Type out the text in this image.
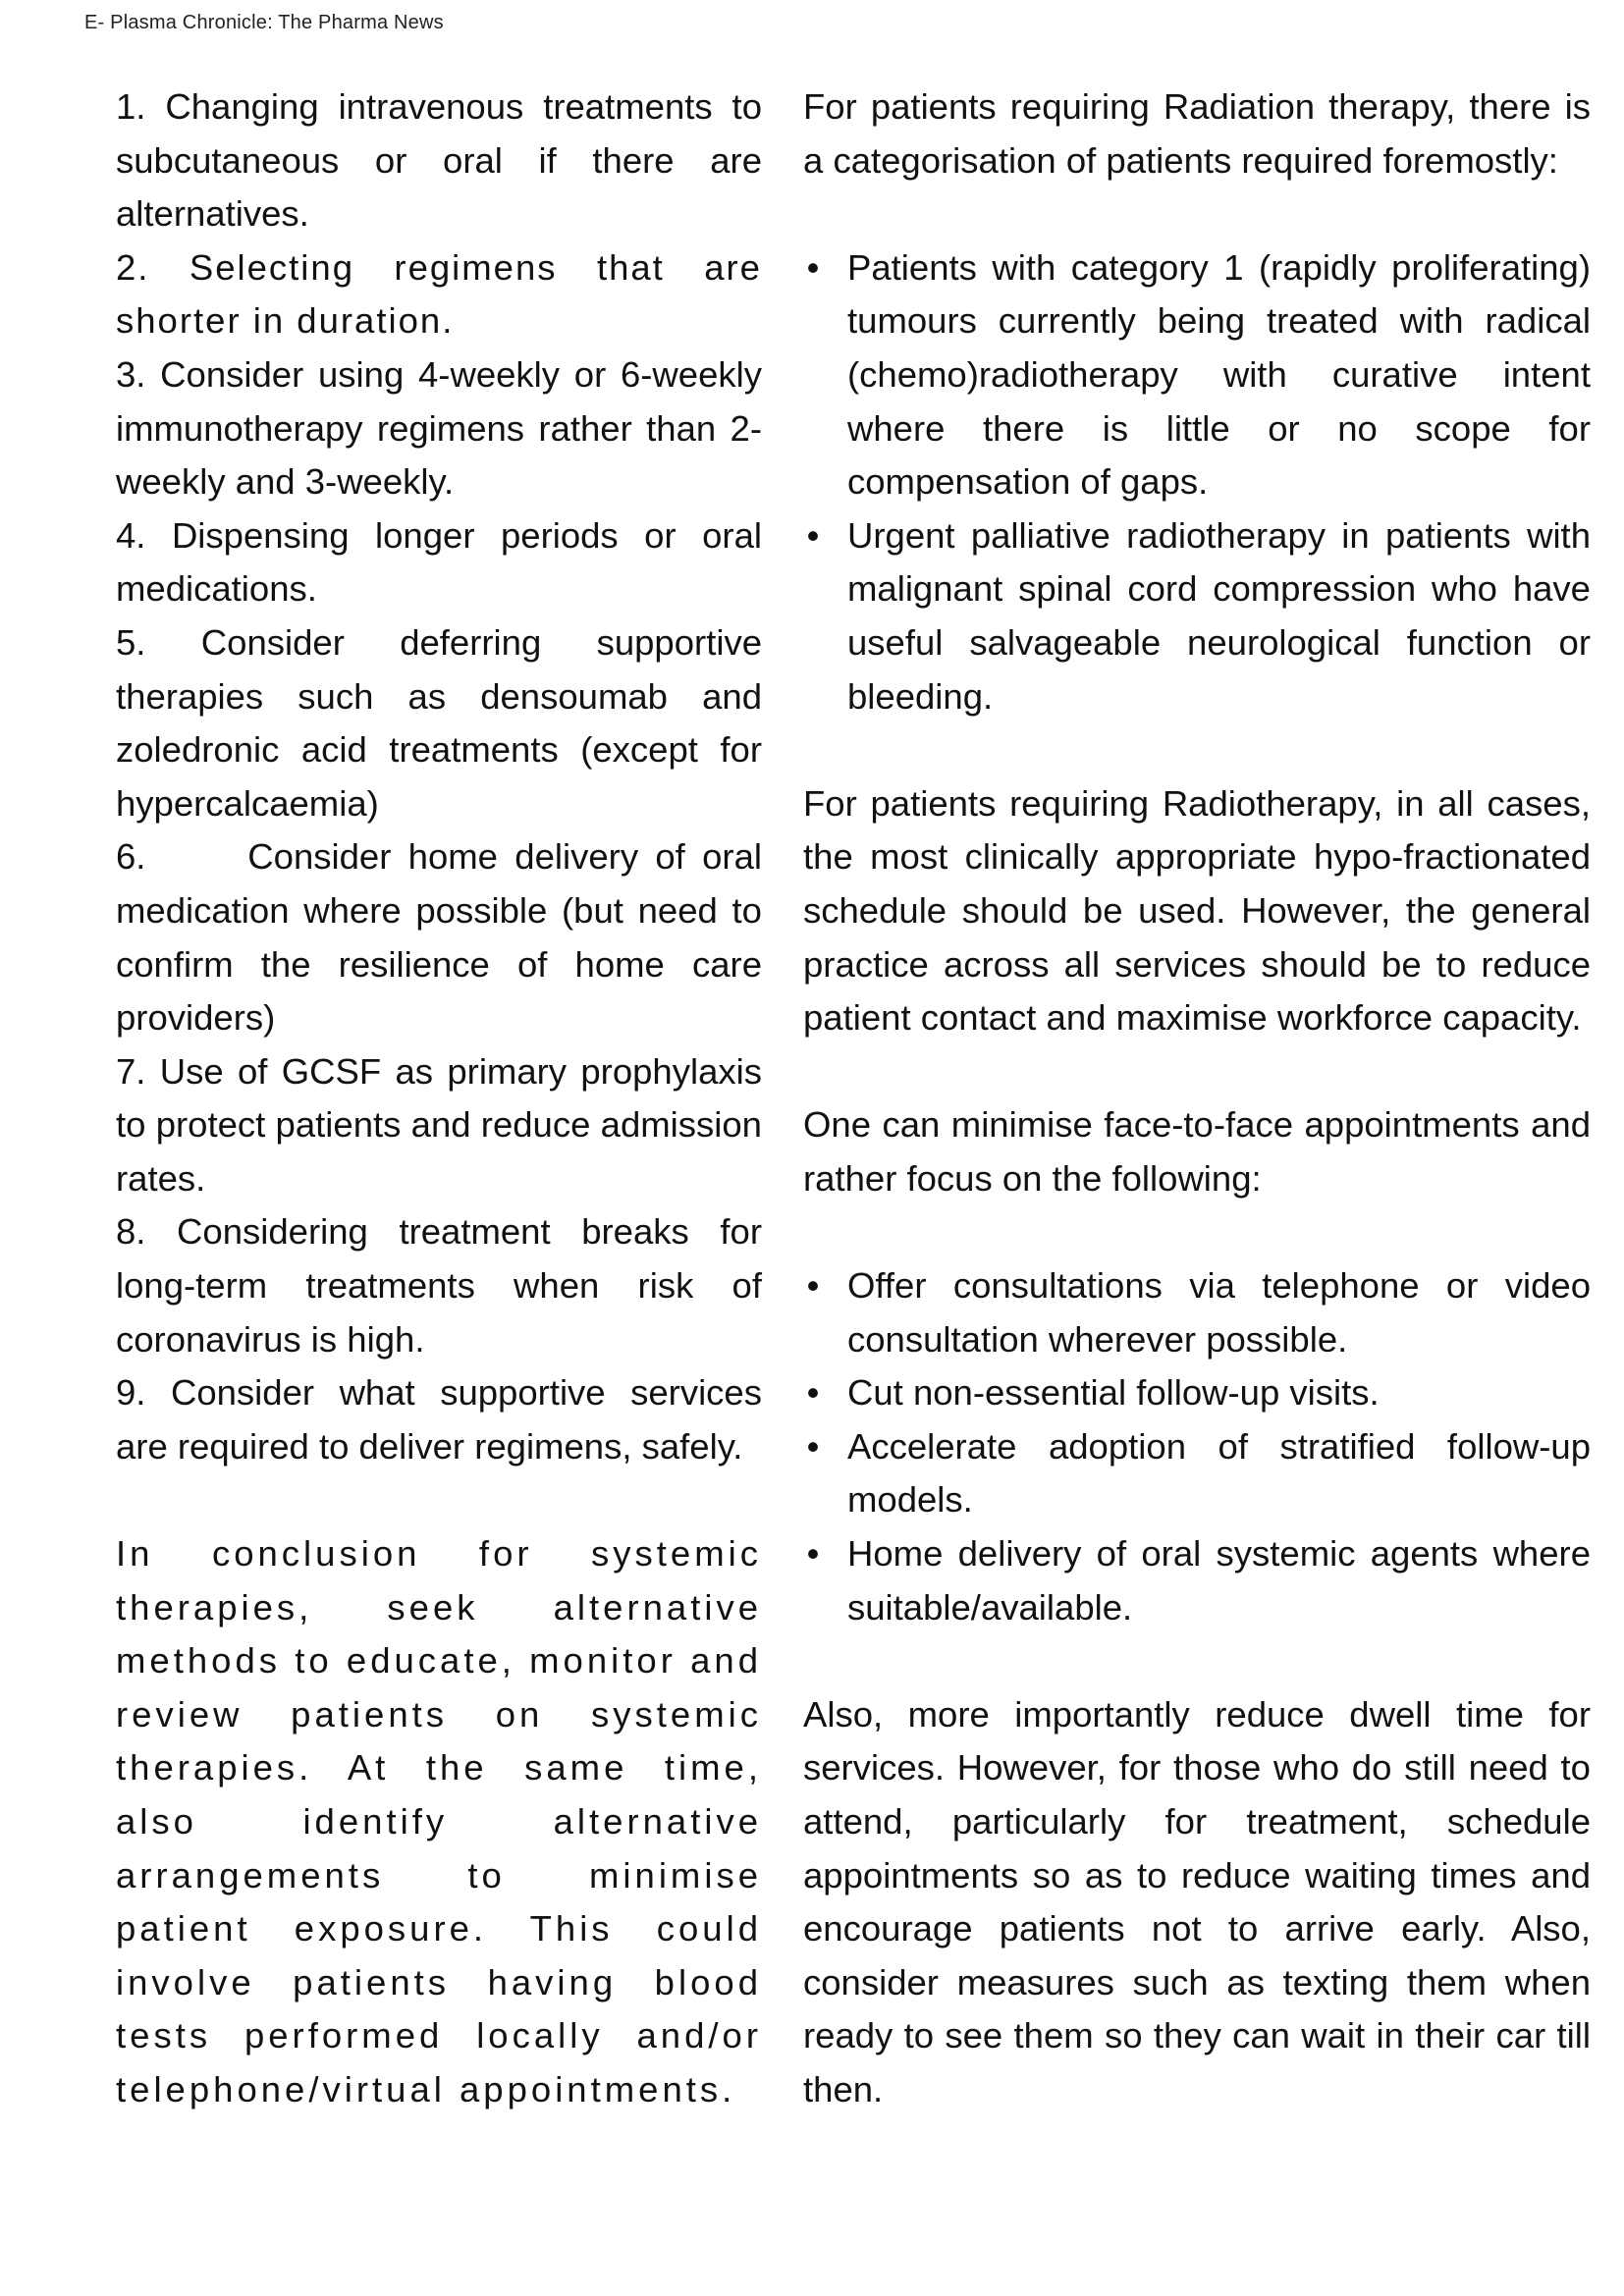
E- Plasma Chronicle: The Pharma News

1. Changing intravenous treatments to subcutaneous or oral if there are alternatives.

2. Selecting regimens that are shorter in duration.

3. Consider using 4-weekly or 6-weekly immunotherapy regimens rather than 2-weekly and 3-weekly.

4. Dispensing longer periods or oral medications.

5. Consider deferring supportive therapies such as densoumab and zoledronic acid treatments (except for hypercalcaemia)

6.      Consider home delivery of oral medication where possible (but need to confirm the resilience of home care providers)

7. Use of GCSF as primary prophylaxis to protect patients and reduce admission rates.

8. Considering treatment breaks for long-term treatments when risk of coronavirus is high.

9. Consider what supportive services are required to deliver regimens, safely.

In conclusion for systemic therapies, seek alternative methods to educate, monitor and review patients on systemic therapies. At the same time, also identify alternative arrangements to minimise patient exposure. This could involve patients having blood tests performed locally and/or telephone/virtual appointments.

For patients requiring Radiation therapy, there is a categorisation of patients required foremostly:

• Patients with category 1 (rapidly proliferating) tumours currently being treated with radical (chemo)radiotherapy with curative intent where there is little or no scope for compensation of gaps.
• Urgent palliative radiotherapy in patients with malignant spinal cord compression who have useful salvageable neurological function or bleeding.

For patients requiring Radiotherapy, in all cases, the most clinically appropriate hypo-fractionated schedule should be used. However, the general practice across all services should be to reduce patient contact and maximise workforce capacity.

One can minimise face-to-face appointments and rather focus on the following:

• Offer consultations via telephone or video consultation wherever possible.
• Cut non-essential follow-up visits.
• Accelerate adoption of stratified follow-up models.
• Home delivery of oral systemic agents where suitable/available.

Also, more importantly reduce dwell time for services. However, for those who do still need to attend, particularly for treatment, schedule appointments so as to reduce waiting times and encourage patients not to arrive early. Also, consider measures such as texting them when ready to see them so they can wait in their car till then.
